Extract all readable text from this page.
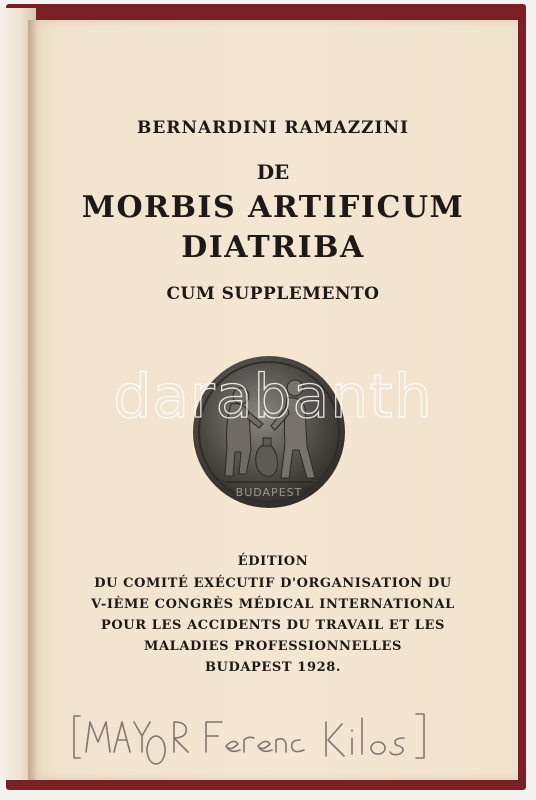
BERNARDINI RAMAZZINI
DE
MORBIS ARTIFICUM
DIATRIBA
CUM SUPPLEMENTO
BUDAPEST
darabanth
ÉDITION
DU COMITÉ EXÉCUTIF D'ORGANISATION DU
V-IÈME CONGRÈS MÉDICAL INTERNATIONAL
POUR LES ACCIDENTS DU TRAVAIL ET LES
MALADIES PROFESSIONNELLES
BUDAPEST 1928.
